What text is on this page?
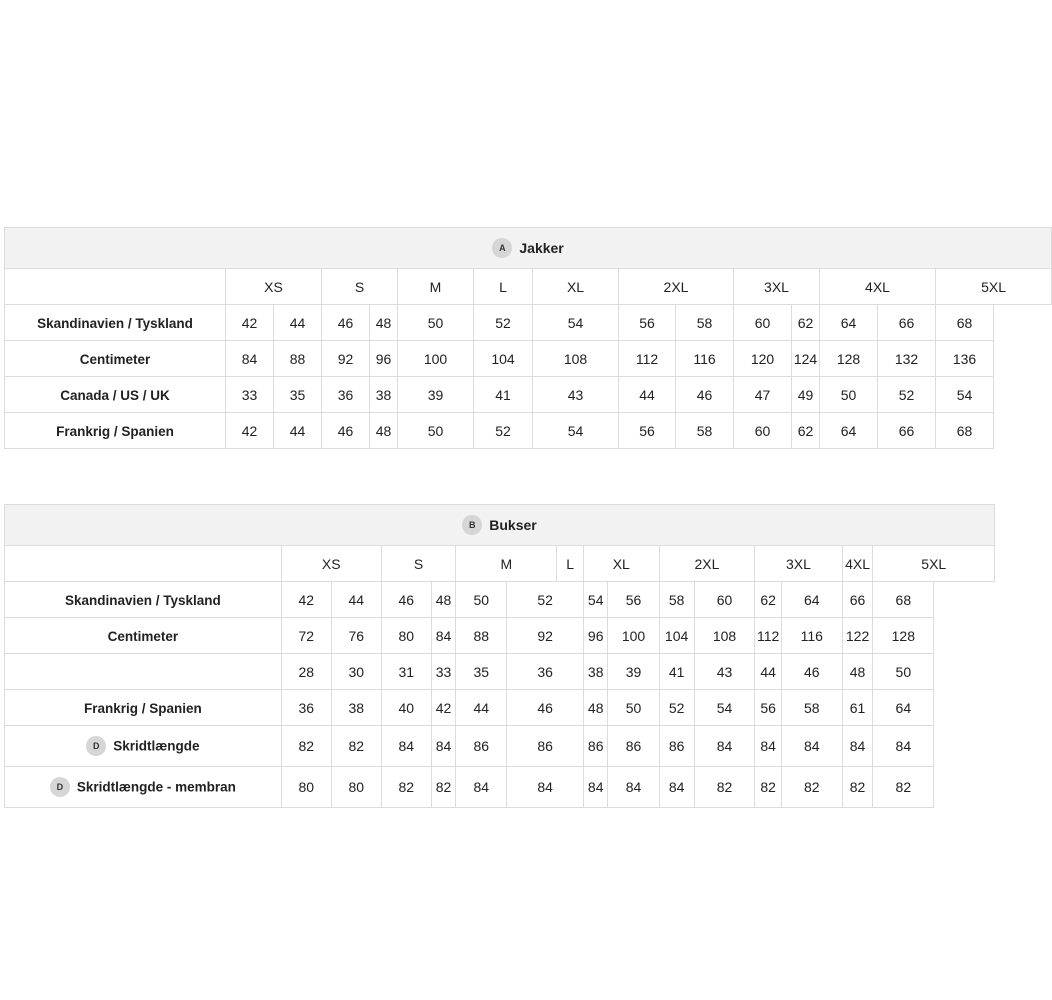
A Jakker														
	XS		S		M	L	XL	2XL		3XL		4XL		5XL
Skandinavien / Tyskland	42	44	46	48	50	52	54	56	58	60	62	64	66	68
Centimeter	84	88	92	96	100	104	108	112	116	120	124	128	132	136
Canada / US / UK	33	35	36	38	39	41	43	44	46	47	49	50	52	54
Frankrig / Spanien	42	44	46	48	50	52	54	56	58	60	62	64	66	68
B Bukser															
	XS		S		M		L	XL		2XL		3XL		4XL	5XL
Skandinavien / Tyskland	42	44	46	48	50	52		54	56	58	60	62	64	66	68
Centimeter	72	76	80	84	88	92		96	100	104	108	112	116	122	128
	28	30	31	33	35	36		38	39	41	43	44	46	48	50
Frankrig / Spanien	36	38	40	42	44	46		48	50	52	54	56	58	61	64
D Skridtlængde	82	82	84	84	86	86		86	86	86	84	84	84	84	84
D Skridtlængde - membran	80	80	82	82	84	84		84	84	84	82	82	82	82	82
